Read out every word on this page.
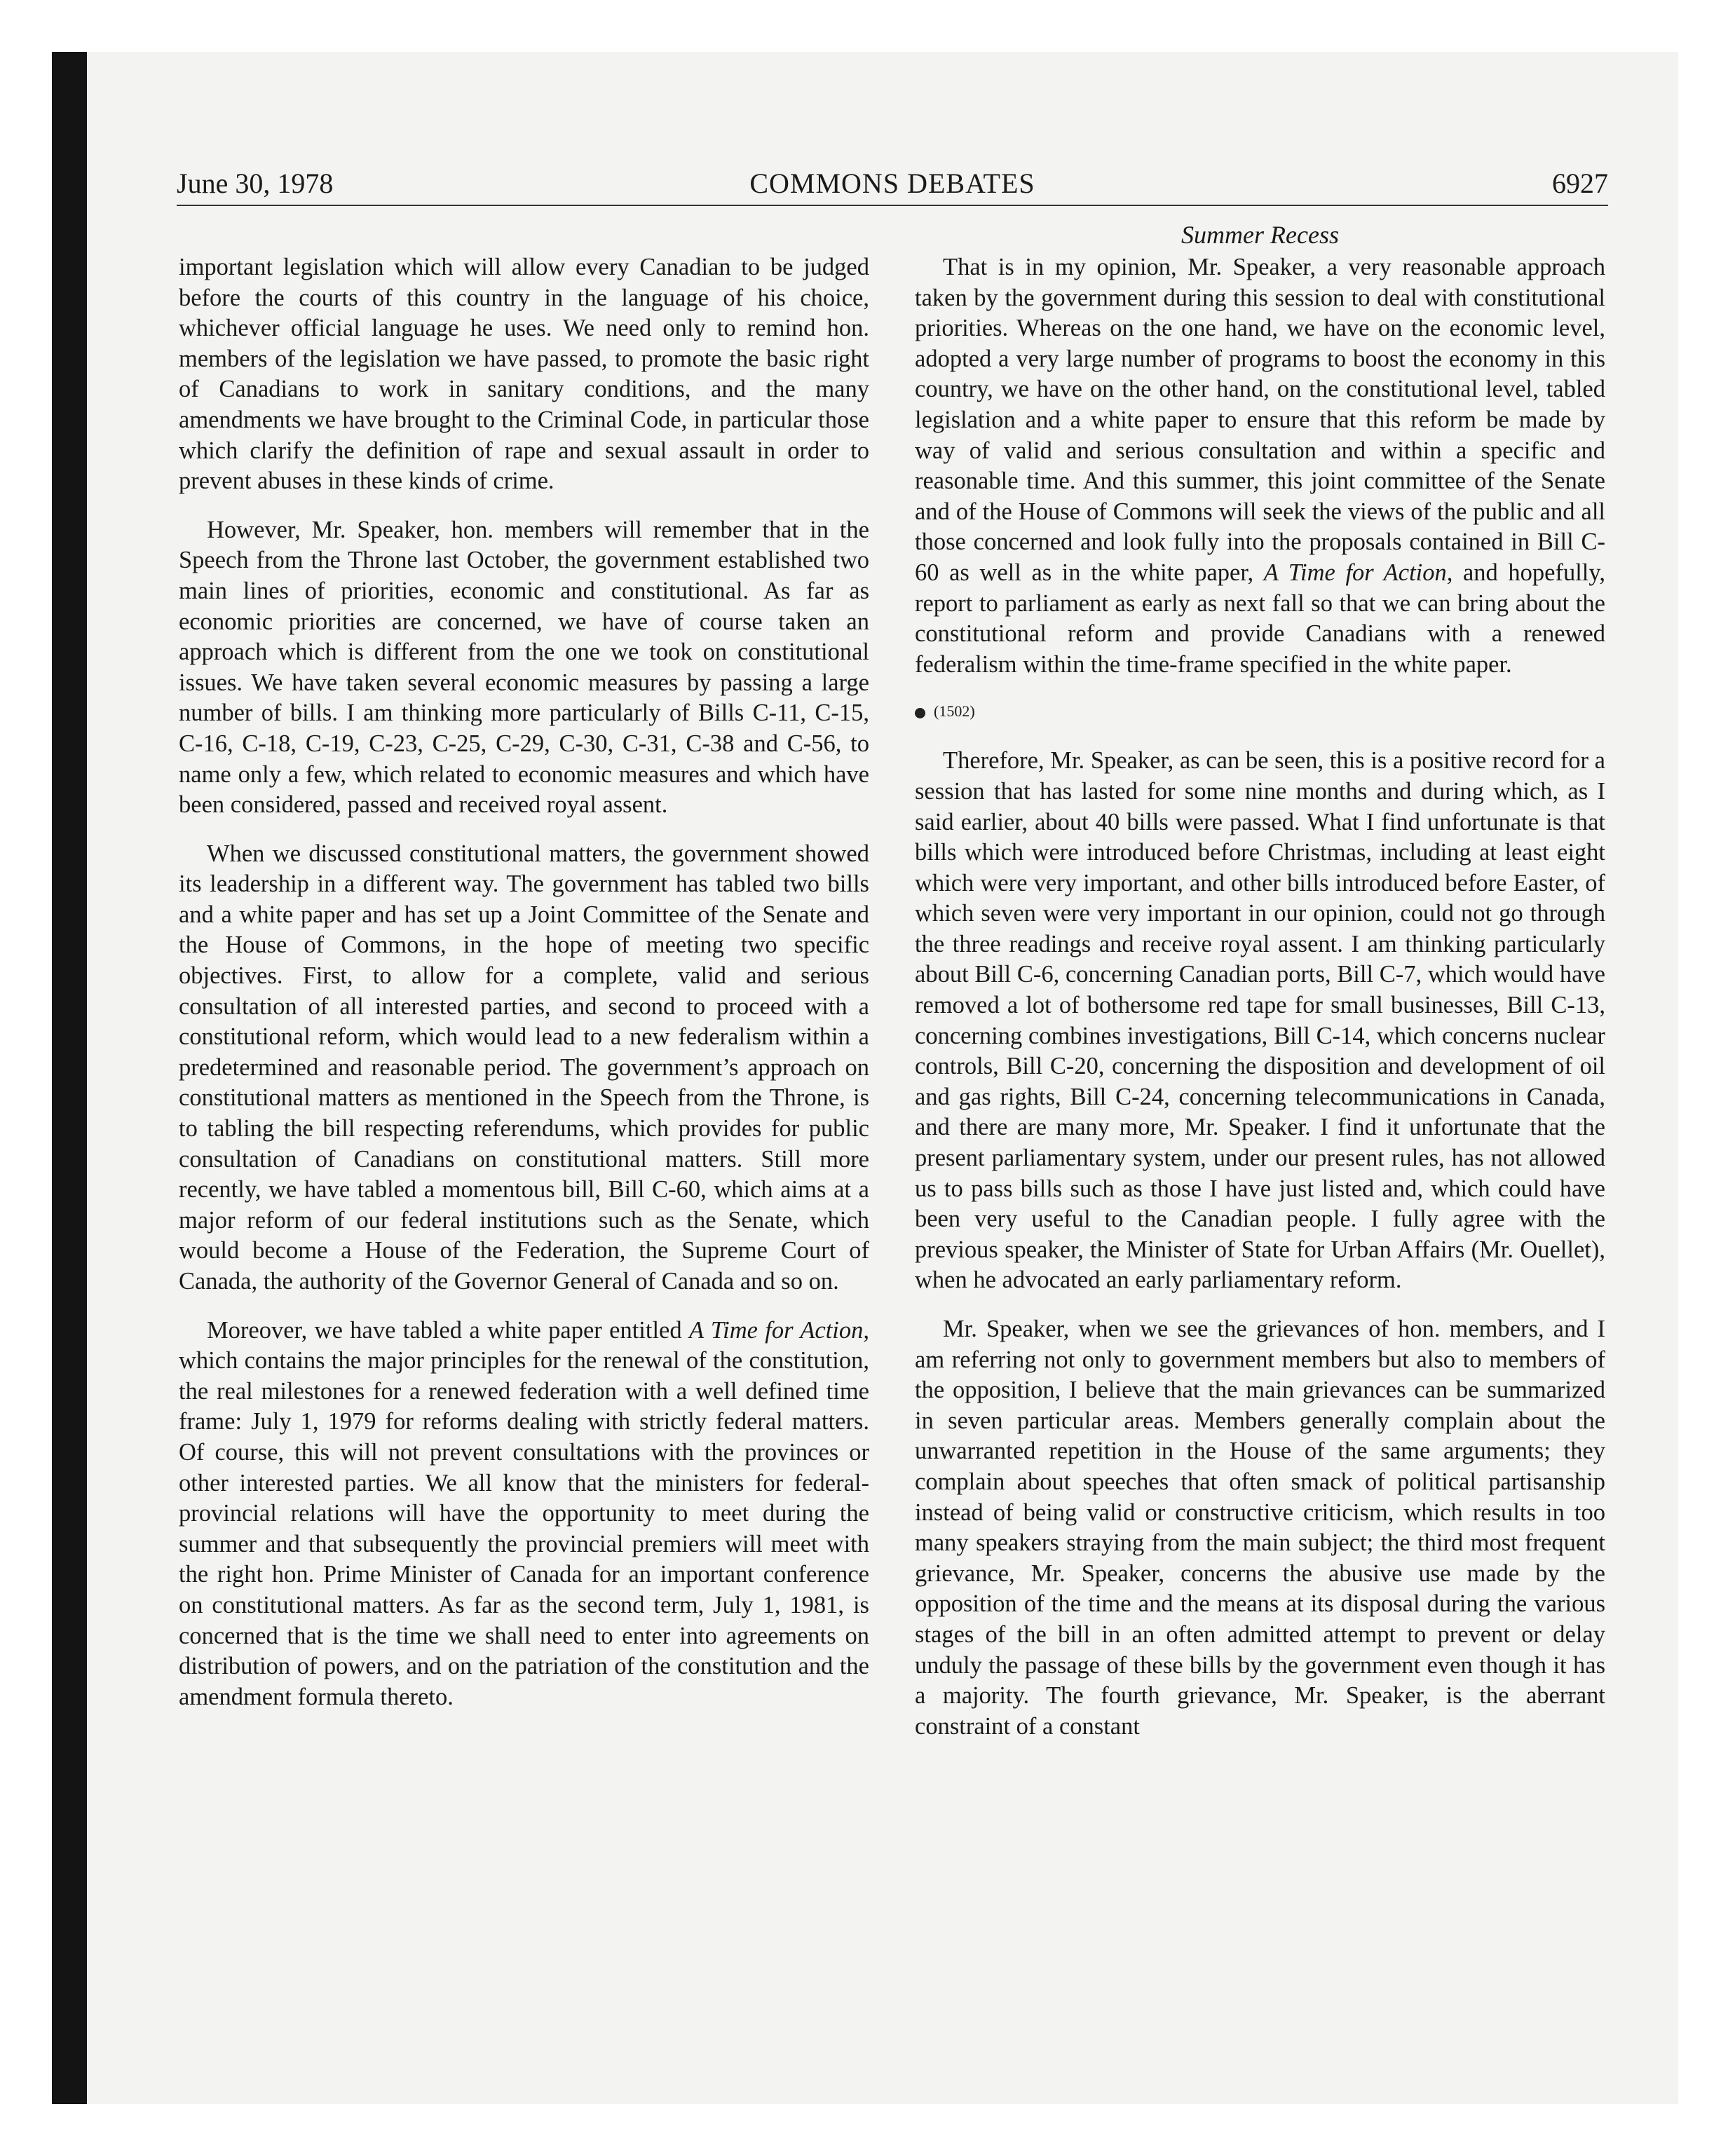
June 30, 1978	COMMONS DEBATES	6927

important legislation which will allow every Canadian to be judged before the courts of this country in the language of his choice, whichever official language he uses. We need only to remind hon. members of the legislation we have passed, to promote the basic right of Canadians to work in sanitary conditions, and the many amendments we have brought to the Criminal Code, in particular those which clarify the definition of rape and sexual assault in order to prevent abuses in these kinds of crime.

However, Mr. Speaker, hon. members will remember that in the Speech from the Throne last October, the government established two main lines of priorities, economic and constitutional. As far as economic priorities are concerned, we have of course taken an approach which is different from the one we took on constitutional issues. We have taken several economic measures by passing a large number of bills. I am thinking more particularly of Bills C-11, C-15, C-16, C-18, C-19, C-23, C-25, C-29, C-30, C-31, C-38 and C-56, to name only a few, which related to economic measures and which have been considered, passed and received royal assent.

When we discussed constitutional matters, the government showed its leadership in a different way. The government has tabled two bills and a white paper and has set up a Joint Committee of the Senate and the House of Commons, in the hope of meeting two specific objectives. First, to allow for a complete, valid and serious consultation of all interested parties, and second to proceed with a constitutional reform, which would lead to a new federalism within a predetermined and reasonable period. The government’s approach on constitutional matters as mentioned in the Speech from the Throne, is to tabling the bill respecting referendums, which provides for public consultation of Canadians on constitutional matters. Still more recently, we have tabled a momentous bill, Bill C-60, which aims at a major reform of our federal institutions such as the Senate, which would become a House of the Federation, the Supreme Court of Canada, the authority of the Governor General of Canada and so on.

Moreover, we have tabled a white paper entitled A Time for Action, which contains the major principles for the renewal of the constitution, the real milestones for a renewed federation with a well defined time frame: July 1, 1979 for reforms dealing with strictly federal matters. Of course, this will not prevent consultations with the provinces or other interested parties. We all know that the ministers for federal-provincial relations will have the opportunity to meet during the summer and that subsequently the provincial premiers will meet with the right hon. Prime Minister of Canada for an important conference on constitutional matters. As far as the second term, July 1, 1981, is concerned that is the time we shall need to enter into agreements on distribution of powers, and on the patriation of the constitution and the amendment formula thereto.

Summer Recess

That is in my opinion, Mr. Speaker, a very reasonable approach taken by the government during this session to deal with constitutional priorities. Whereas on the one hand, we have on the economic level, adopted a very large number of programs to boost the economy in this country, we have on the other hand, on the constitutional level, tabled legislation and a white paper to ensure that this reform be made by way of valid and serious consultation and within a specific and reasonable time. And this summer, this joint committee of the Senate and of the House of Commons will seek the views of the public and all those concerned and look fully into the proposals contained in Bill C-60 as well as in the white paper, A Time for Action, and hopefully, report to parliament as early as next fall so that we can bring about the constitutional reform and provide Canadians with a renewed federalism within the time-frame specified in the white paper.

(1502)

Therefore, Mr. Speaker, as can be seen, this is a positive record for a session that has lasted for some nine months and during which, as I said earlier, about 40 bills were passed. What I find unfortunate is that bills which were introduced before Christmas, including at least eight which were very important, and other bills introduced before Easter, of which seven were very important in our opinion, could not go through the three readings and receive royal assent. I am thinking particularly about Bill C-6, concerning Canadian ports, Bill C-7, which would have removed a lot of bothersome red tape for small businesses, Bill C-13, concerning combines investigations, Bill C-14, which concerns nuclear controls, Bill C-20, concerning the disposition and development of oil and gas rights, Bill C-24, concerning telecommunications in Canada, and there are many more, Mr. Speaker. I find it unfortunate that the present parliamentary system, under our present rules, has not allowed us to pass bills such as those I have just listed and, which could have been very useful to the Canadian people. I fully agree with the previous speaker, the Minister of State for Urban Affairs (Mr. Ouellet), when he advocated an early parliamentary reform.

Mr. Speaker, when we see the grievances of hon. members, and I am referring not only to government members but also to members of the opposition, I believe that the main grievances can be summarized in seven particular areas. Members generally complain about the unwarranted repetition in the House of the same arguments; they complain about speeches that often smack of political partisanship instead of being valid or constructive criticism, which results in too many speakers straying from the main subject; the third most frequent grievance, Mr. Speaker, concerns the abusive use made by the opposition of the time and the means at its disposal during the various stages of the bill in an often admitted attempt to prevent or delay unduly the passage of these bills by the government even though it has a majority. The fourth grievance, Mr. Speaker, is the aberrant constraint of a constant
